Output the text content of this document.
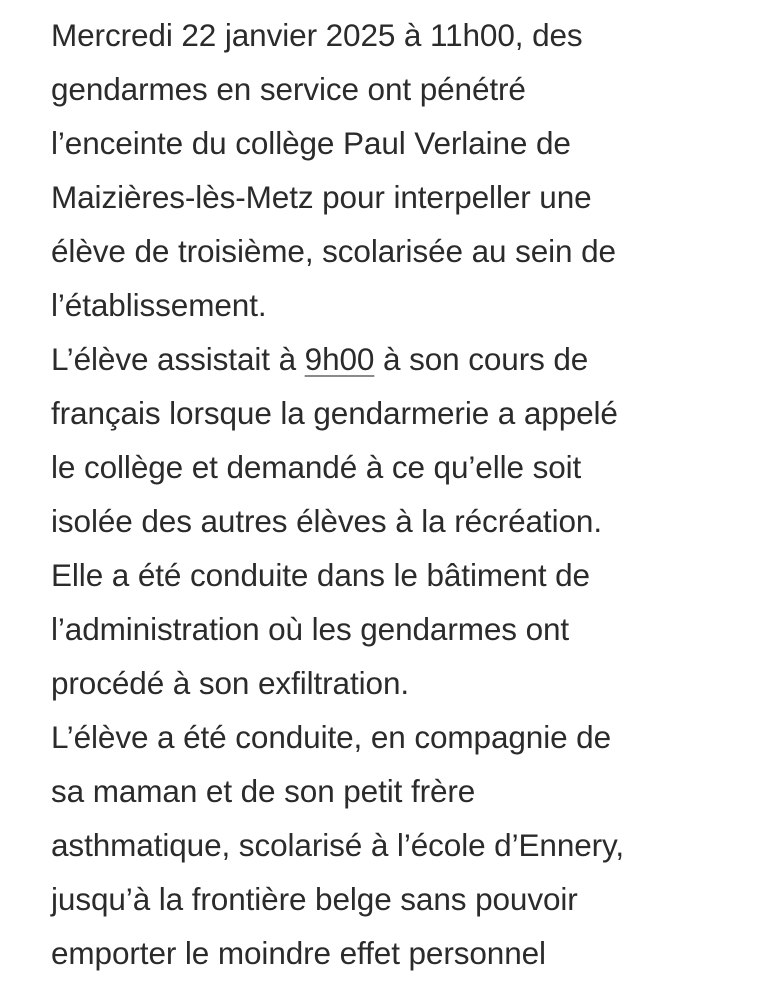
Mercredi 22 janvier 2025 à 11h00, des
gendarmes en service ont pénétré
l’enceinte du collège Paul Verlaine de
Maizières-lès-Metz pour interpeller une
élève de troisième, scolarisée au sein de
l’établissement.
L’élève assistait à 9h00 à son cours de
français lorsque la gendarmerie a appelé
le collège et demandé à ce qu’elle soit
isolée des autres élèves à la récréation.
Elle a été conduite dans le bâtiment de
l’administration où les gendarmes ont
procédé à son exfiltration.
L’élève a été conduite, en compagnie de
sa maman et de son petit frère
asthmatique, scolarisé à l’école d’Ennery,
jusqu’à la frontière belge sans pouvoir
emporter le moindre effet personnel
